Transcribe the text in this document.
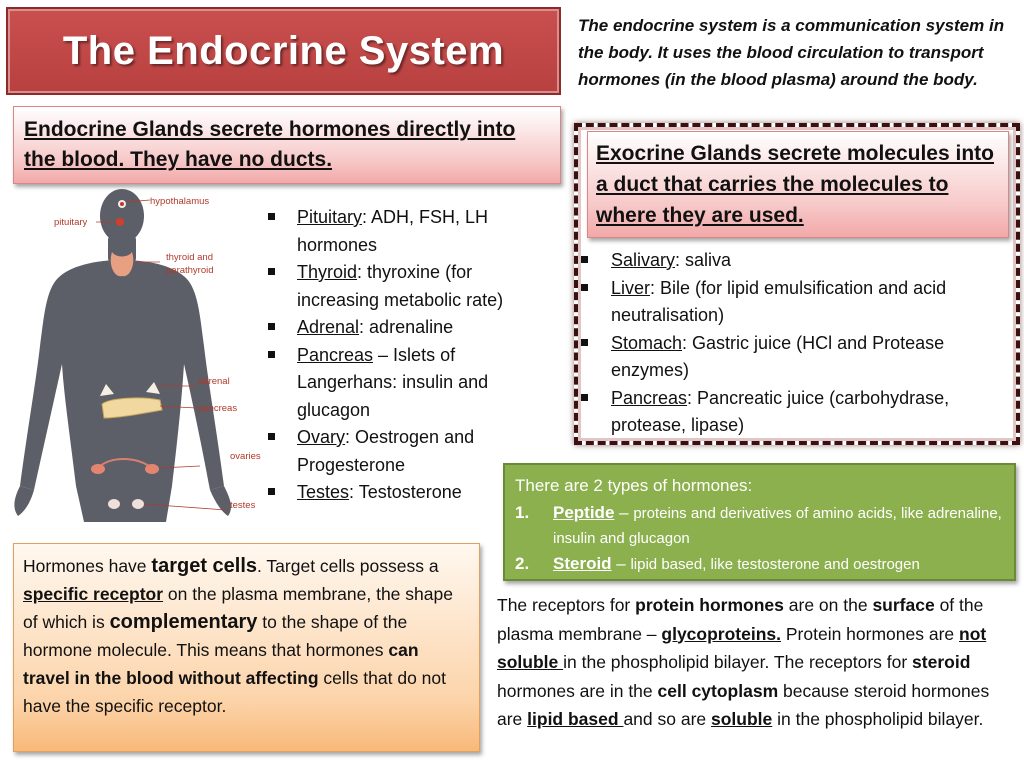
The Endocrine System

The endocrine system is a communication system in the body. It uses the blood circulation to transport hormones (in the blood plasma) around the body.

Endocrine Glands secrete hormones directly into the blood. They have no ducts.	Exocrine Glands secrete molecules into a duct that carries the molecules to where they are used.
hypothalamus
pituitary
thyroid and
parathyroid
adrenal
pancreas
ovaries
testes
Pituitary: ADH, FSH, LH hormones
Thyroid: thyroxine (for increasing metabolic rate)
Adrenal: adrenaline
Pancreas – Islets of Langerhans: insulin and glucagon
Ovary: Oestrogen and Progesterone
Testes: Testosterone
Salivary: saliva
Liver: Bile (for lipid emulsification and acid neutralisation)
Stomach: Gastric juice (HCl and Protease enzymes)
Pancreas: Pancreatic juice (carbohydrase, protease, lipase)
There are 2 types of hormones:
1. Peptide – proteins and derivatives of amino acids, like adrenaline, insulin and glucagon
2. Steroid – lipid based, like testosterone and oestrogen
Hormones have target cells. Target cells possess a specific receptor on the plasma membrane, the shape of which is complementary to the shape of the hormone molecule. This means that hormones can travel in the blood without affecting cells that do not have the specific receptor.

The receptors for protein hormones are on the surface of the plasma membrane – glycoproteins. Protein hormones are not soluble in the phospholipid bilayer. The receptors for steroid hormones are in the cell cytoplasm because steroid hormones are lipid based and so are soluble in the phospholipid bilayer.
